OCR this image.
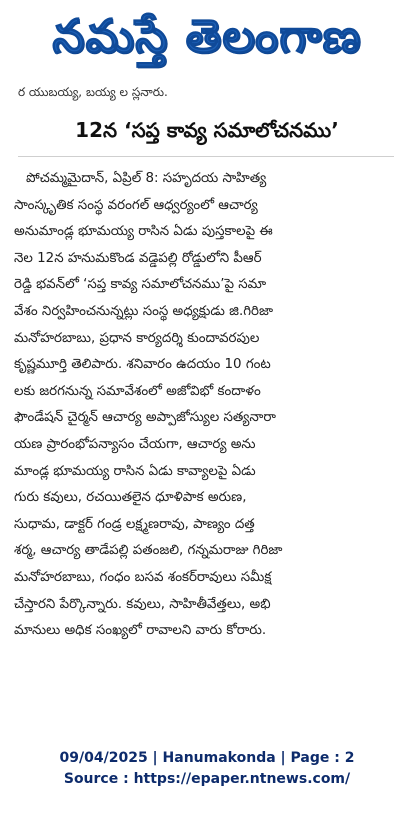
నమస్తే తెలంగాణ
ర యుబయ్య, బయ్య ల స్లనారు.
12న ‘సప్త కావ్య సమాలోచనము’
పోచమ్మమైదాన్, ఏప్రిల్ 8: సహృదయ సాహిత్య
సాంస్కృతిక సంస్థ వరంగల్ ఆధ్వర్యంలో ఆచార్య
అనుమాండ్ల భూమయ్య రాసిన ఏడు పుస్తకాలపై ఈ
నెల 12న హనుమకొండ వడ్డెపల్లి రోడ్డులోని పీఆర్
రెడ్డి భవన్‌లో ‘సప్త కావ్య సమాలోచనము’పై సమా
వేశం నిర్వహించనున్నట్లు సంస్థ అధ్యక్షుడు జి.గిరిజా
మనోహరబాబు, ప్రధాన కార్యదర్శి కుందావరపుల
కృష్ణమూర్తి తెలిపారు. శనివారం ఉదయం 10 గంట
లకు జరగనున్న సమావేశంలో అజోవిభో కందాళం
ఫౌండేషన్ చైర్మన్ ఆచార్య అప్పాజోస్యుల సత్యనారా
యణ ప్రారంభోపన్యాసం చేయగా, ఆచార్య అను
మాండ్ల భూమయ్య రాసిన ఏడు కావ్యాలపై ఏడు
గురు కవులు, రచయితలైన ధూళిపాక అరుణ,
సుధామ, డాక్టర్ గండ్ర లక్ష్మణరావు, పాణ్యం దత్త
శర్మ, ఆచార్య తాడేపల్లి పతంజలి, గన్నమరాజు గిరిజా
మనోహరబాబు, గంధం బసవ శంకర్‌రావులు సమీక్ష
చేస్తారని పేర్కొన్నారు. కవులు, సాహితీవేత్తలు, అభి
మానులు అధిక సంఖ్యలో రావాలని వారు కోరారు.
09/04/2025 | Hanumakonda | Page : 2
Source : https://epaper.ntnews.com/
